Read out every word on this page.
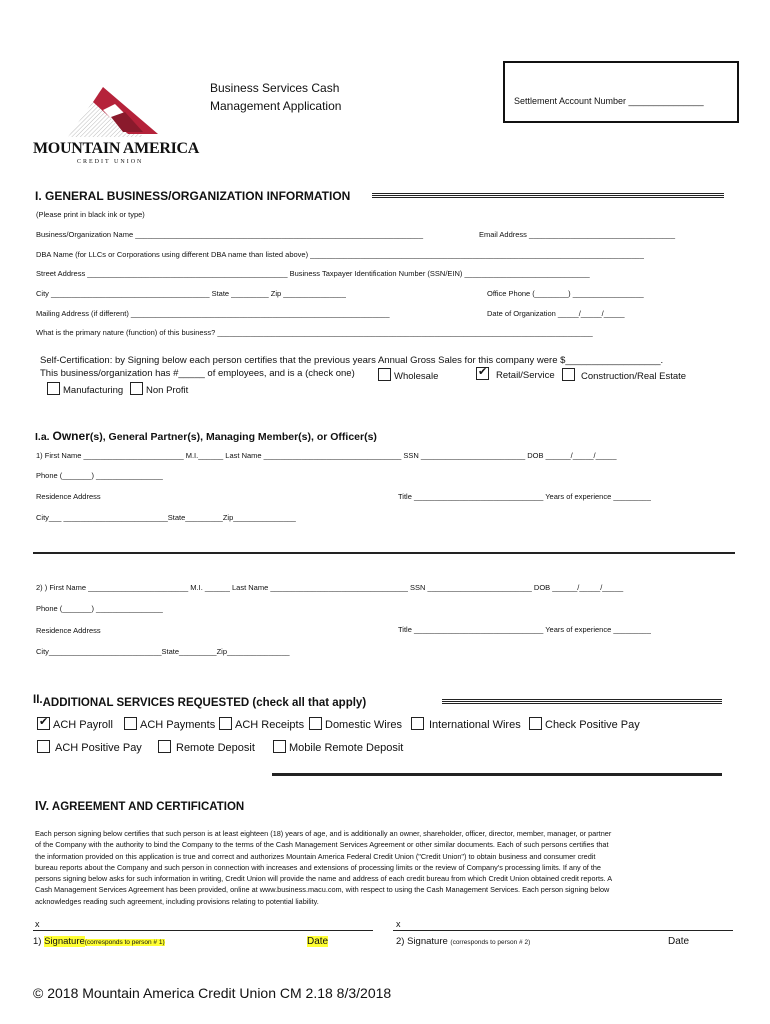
MOUNTAIN AMERICA
CREDIT UNION
Business Services Cash
Management Application	Settlement Account Number _______________
I. GENERAL BUSINESS/ORGANIZATION INFORMATION
(Please print in black ink or type)
Business/Organization Name _____________________________________________________________________	Email Address ___________________________________
DBA Name (for LLCs or Corporations using different DBA name than listed above) ________________________________________________________________________________
Street Address ________________________________________________ Business Taxpayer Identification Number (SSN/EIN) ______________________________
City ______________________________________ State _________ Zip _______________	Office Phone (________) _________________
Mailing Address (if different) ______________________________________________________________	Date of Organization _____/_____/_____
What is the primary nature (function) of this business? __________________________________________________________________________________________
Self-Certification: by Signing below each person certifies that the previous years Annual Gross Sales for this company were $__________________.
This business/organization has #_____ of employees, and is a (check one)	Wholesale
✔	Retail/Service	Construction/Real Estate
Manufacturing	Non Profit
I.a. Owner(s), General Partner(s), Managing Member(s), or Officer(s)
1) First Name ________________________ M.I.______ Last Name _________________________________ SSN _________________________ DOB ______/_____/_____
Phone (_______) ________________
Residence Address	Title _______________________________ Years of experience _________
City___ _________________________State_________Zip_______________
2) ) First Name ________________________ M.I. ______ Last Name _________________________________ SSN _________________________ DOB ______/_____/_____
Phone (_______) ________________
Residence Address	Title _______________________________ Years of experience _________
City___________________________State_________Zip_______________
II.ADDITIONAL SERVICES REQUESTED (check all that apply)
✔ACH Payroll	ACH Payments	ACH Receipts	Domestic Wires	International Wires	Check Positive Pay
ACH Positive Pay	Remote Deposit	Mobile Remote Deposit
IV. AGREEMENT AND CERTIFICATION
Each person signing below certifies that such person is at least eighteen (18) years of age, and is additionally an owner, shareholder, officer, director, member, manager, or partner
of the Company with the authority to bind the Company to the terms of the Cash Management Services Agreement or other similar documents. Each of such persons certifies that
the information provided on this application is true and correct and authorizes Mountain America Federal Credit Union ("Credit Union") to obtain business and consumer credit
bureau reports about the Company and such person in connection with increases and extensions of processing limits or the review of Company's processing limits. If any of the
persons signing below asks for such information in writing, Credit Union will provide the name and address of each credit bureau from which Credit Union obtained credit reports. A
Cash Management Services Agreement has been provided, online at www.business.macu.com, with respect to using the Cash Management Services. Each person signing below
acknowledges reading such agreement, including provisions relating to potential liability.
x
1) Signature(corresponds to person # 1)	Date
x
2) Signature (corresponds to person # 2)	Date
© 2018 Mountain America Credit Union CM 2.18 8/3/2018
